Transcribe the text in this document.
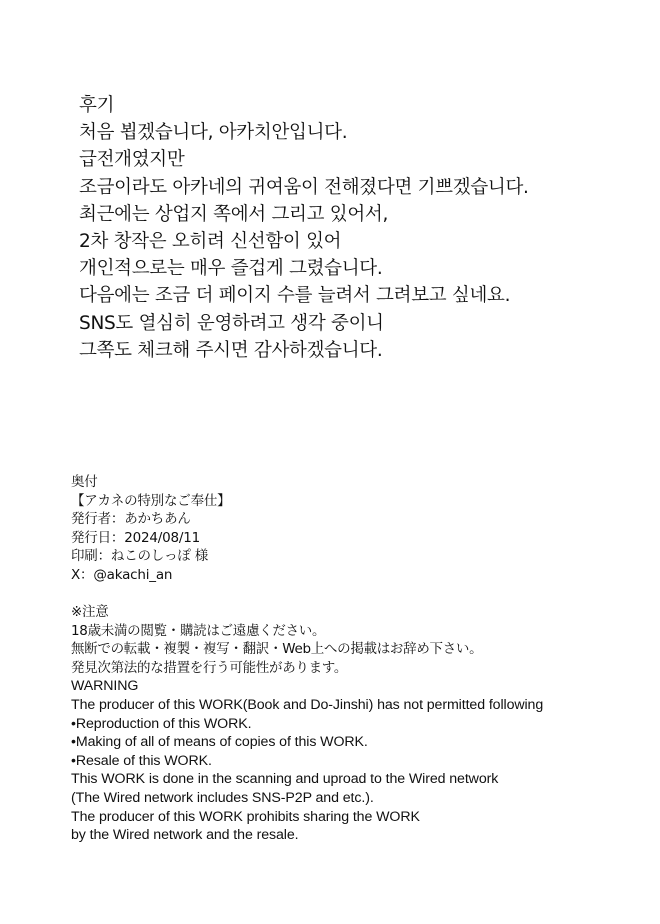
후기
처음 뵙겠습니다, 아카치안입니다.
급전개였지만
조금이라도 아카네의 귀여움이 전해졌다면 기쁘겠습니다.
최근에는 상업지 쪽에서 그리고 있어서,
2차 창작은 오히려 신선함이 있어
개인적으로는 매우 즐겁게 그렸습니다.
다음에는 조금 더 페이지 수를 늘려서 그려보고 싶네요.
SNS도 열심히 운영하려고 생각 중이니
그쪽도 체크해 주시면 감사하겠습니다.
奥付
【アカネの特別なご奉仕】
発行者：あかちあん
発行日：2024/08/11
印刷：ねこのしっぽ 様
X：@akachi_an
※注意
18歳未満の閲覧・購読はご遠慮ください。
無断での転載・複製・複写・翻訳・Web上への掲載はお辞め下さい。
発見次第法的な措置を行う可能性があります。
WARNING
The producer of this WORK(Book and Do-Jinshi) has not permitted following
•Reproduction of this WORK.
•Making of all of means of copies of this WORK.
•Resale of this WORK.
This WORK is done in the scanning and uproad to the Wired network
(The Wired network includes SNS-P2P and etc.).
The producer of this WORK prohibits sharing the WORK
by the Wired network and the resale.
